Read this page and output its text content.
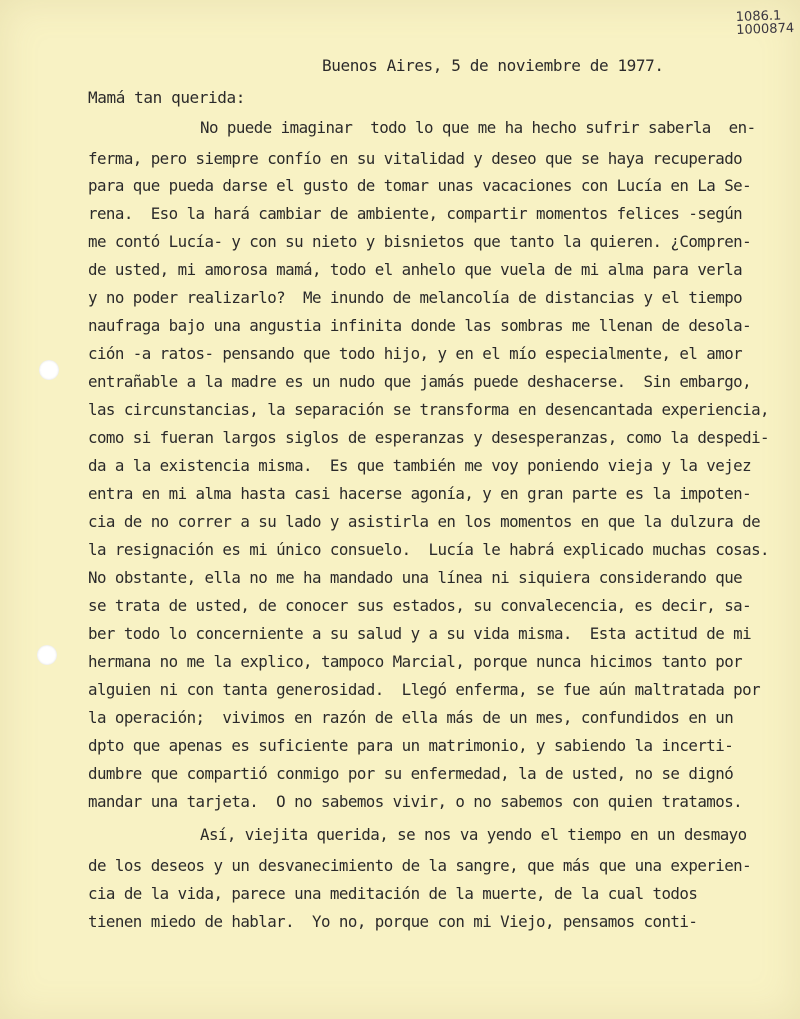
1086.1
1000874
Buenos Aires, 5 de noviembre de 1977.
Mamá tan querida:
No puede imaginar  todo lo que me ha hecho sufrir saberla  en-
ferma, pero siempre confío en su vitalidad y deseo que se haya recuperado
para que pueda darse el gusto de tomar unas vacaciones con Lucía en La Se-
rena.  Eso la hará cambiar de ambiente, compartir momentos felices -según
me contó Lucía- y con su nieto y bisnietos que tanto la quieren. ¿Compren-
de usted, mi amorosa mamá, todo el anhelo que vuela de mi alma para verla
y no poder realizarlo?  Me inundo de melancolía de distancias y el tiempo
naufraga bajo una angustia infinita donde las sombras me llenan de desola-
ción -a ratos- pensando que todo hijo, y en el mío especialmente, el amor
entrañable a la madre es un nudo que jamás puede deshacerse.  Sin embargo,
las circunstancias, la separación se transforma en desencantada experiencia,
como si fueran largos siglos de esperanzas y desesperanzas, como la despedi-
da a la existencia misma.  Es que también me voy poniendo vieja y la vejez
entra en mi alma hasta casi hacerse agonía, y en gran parte es la impoten-
cia de no correr a su lado y asistirla en los momentos en que la dulzura de
la resignación es mi único consuelo.  Lucía le habrá explicado muchas cosas.
No obstante, ella no me ha mandado una línea ni siquiera considerando que
se trata de usted, de conocer sus estados, su convalecencia, es decir, sa-
ber todo lo concerniente a su salud y a su vida misma.  Esta actitud de mi
hermana no me la explico, tampoco Marcial, porque nunca hicimos tanto por
alguien ni con tanta generosidad.  Llegó enferma, se fue aún maltratada por
la operación;  vivimos en razón de ella más de un mes, confundidos en un
dpto que apenas es suficiente para un matrimonio, y sabiendo la incerti-
dumbre que compartió conmigo por su enfermedad, la de usted, no se dignó
mandar una tarjeta.  O no sabemos vivir, o no sabemos con quien tratamos.
Así, viejita querida, se nos va yendo el tiempo en un desmayo
de los deseos y un desvanecimiento de la sangre, que más que una experien-
cia de la vida, parece una meditación de la muerte, de la cual todos
tienen miedo de hablar.  Yo no, porque con mi Viejo, pensamos conti-
